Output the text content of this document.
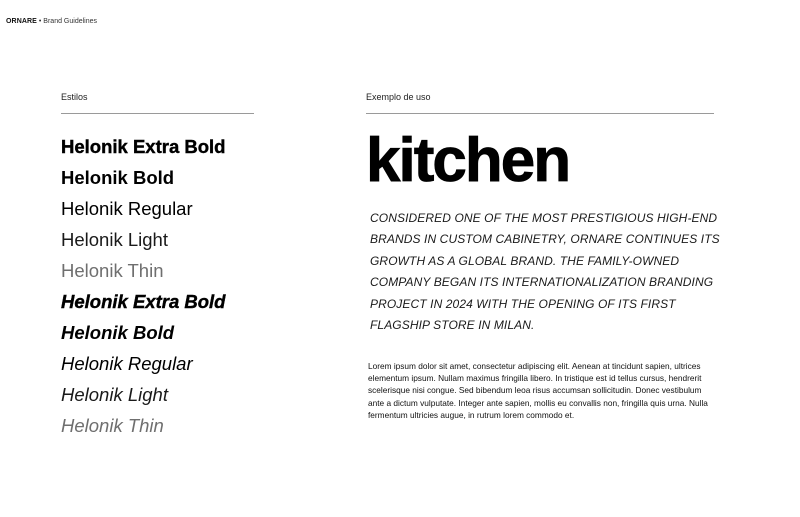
ORNARE • Brand Guidelines
Estilos	Exemplo de uso
Helonik Extra Bold
Helonik Bold
Helonik Regular
Helonik Light
Helonik Thin
Helonik Extra Bold
Helonik Bold
Helonik Regular
Helonik Light
Helonik Thin
kitchen

CONSIDERED ONE OF THE MOST PRESTIGIOUS HIGH-END BRANDS IN CUSTOM CABINETRY, ORNARE CONTINUES ITS GROWTH AS A GLOBAL BRAND. THE FAMILY-OWNED COMPANY BEGAN ITS INTERNATIONALIZATION BRANDING PROJECT IN 2024 WITH THE OPENING OF ITS FIRST FLAGSHIP STORE IN MILAN.

Lorem ipsum dolor sit amet, consectetur adipiscing elit. Aenean at tincidunt sapien, ultrices elementum ipsum. Nullam maximus fringilla libero. In tristique est id tellus cursus, hendrerit scelerisque nisi congue. Sed bibendum leoa risus accumsan sollicitudin. Donec vestibulum ante a dictum vulputate. Integer ante sapien, mollis eu convallis non, fringilla quis urna. Nulla fermentum ultricies augue, in rutrum lorem commodo et.
